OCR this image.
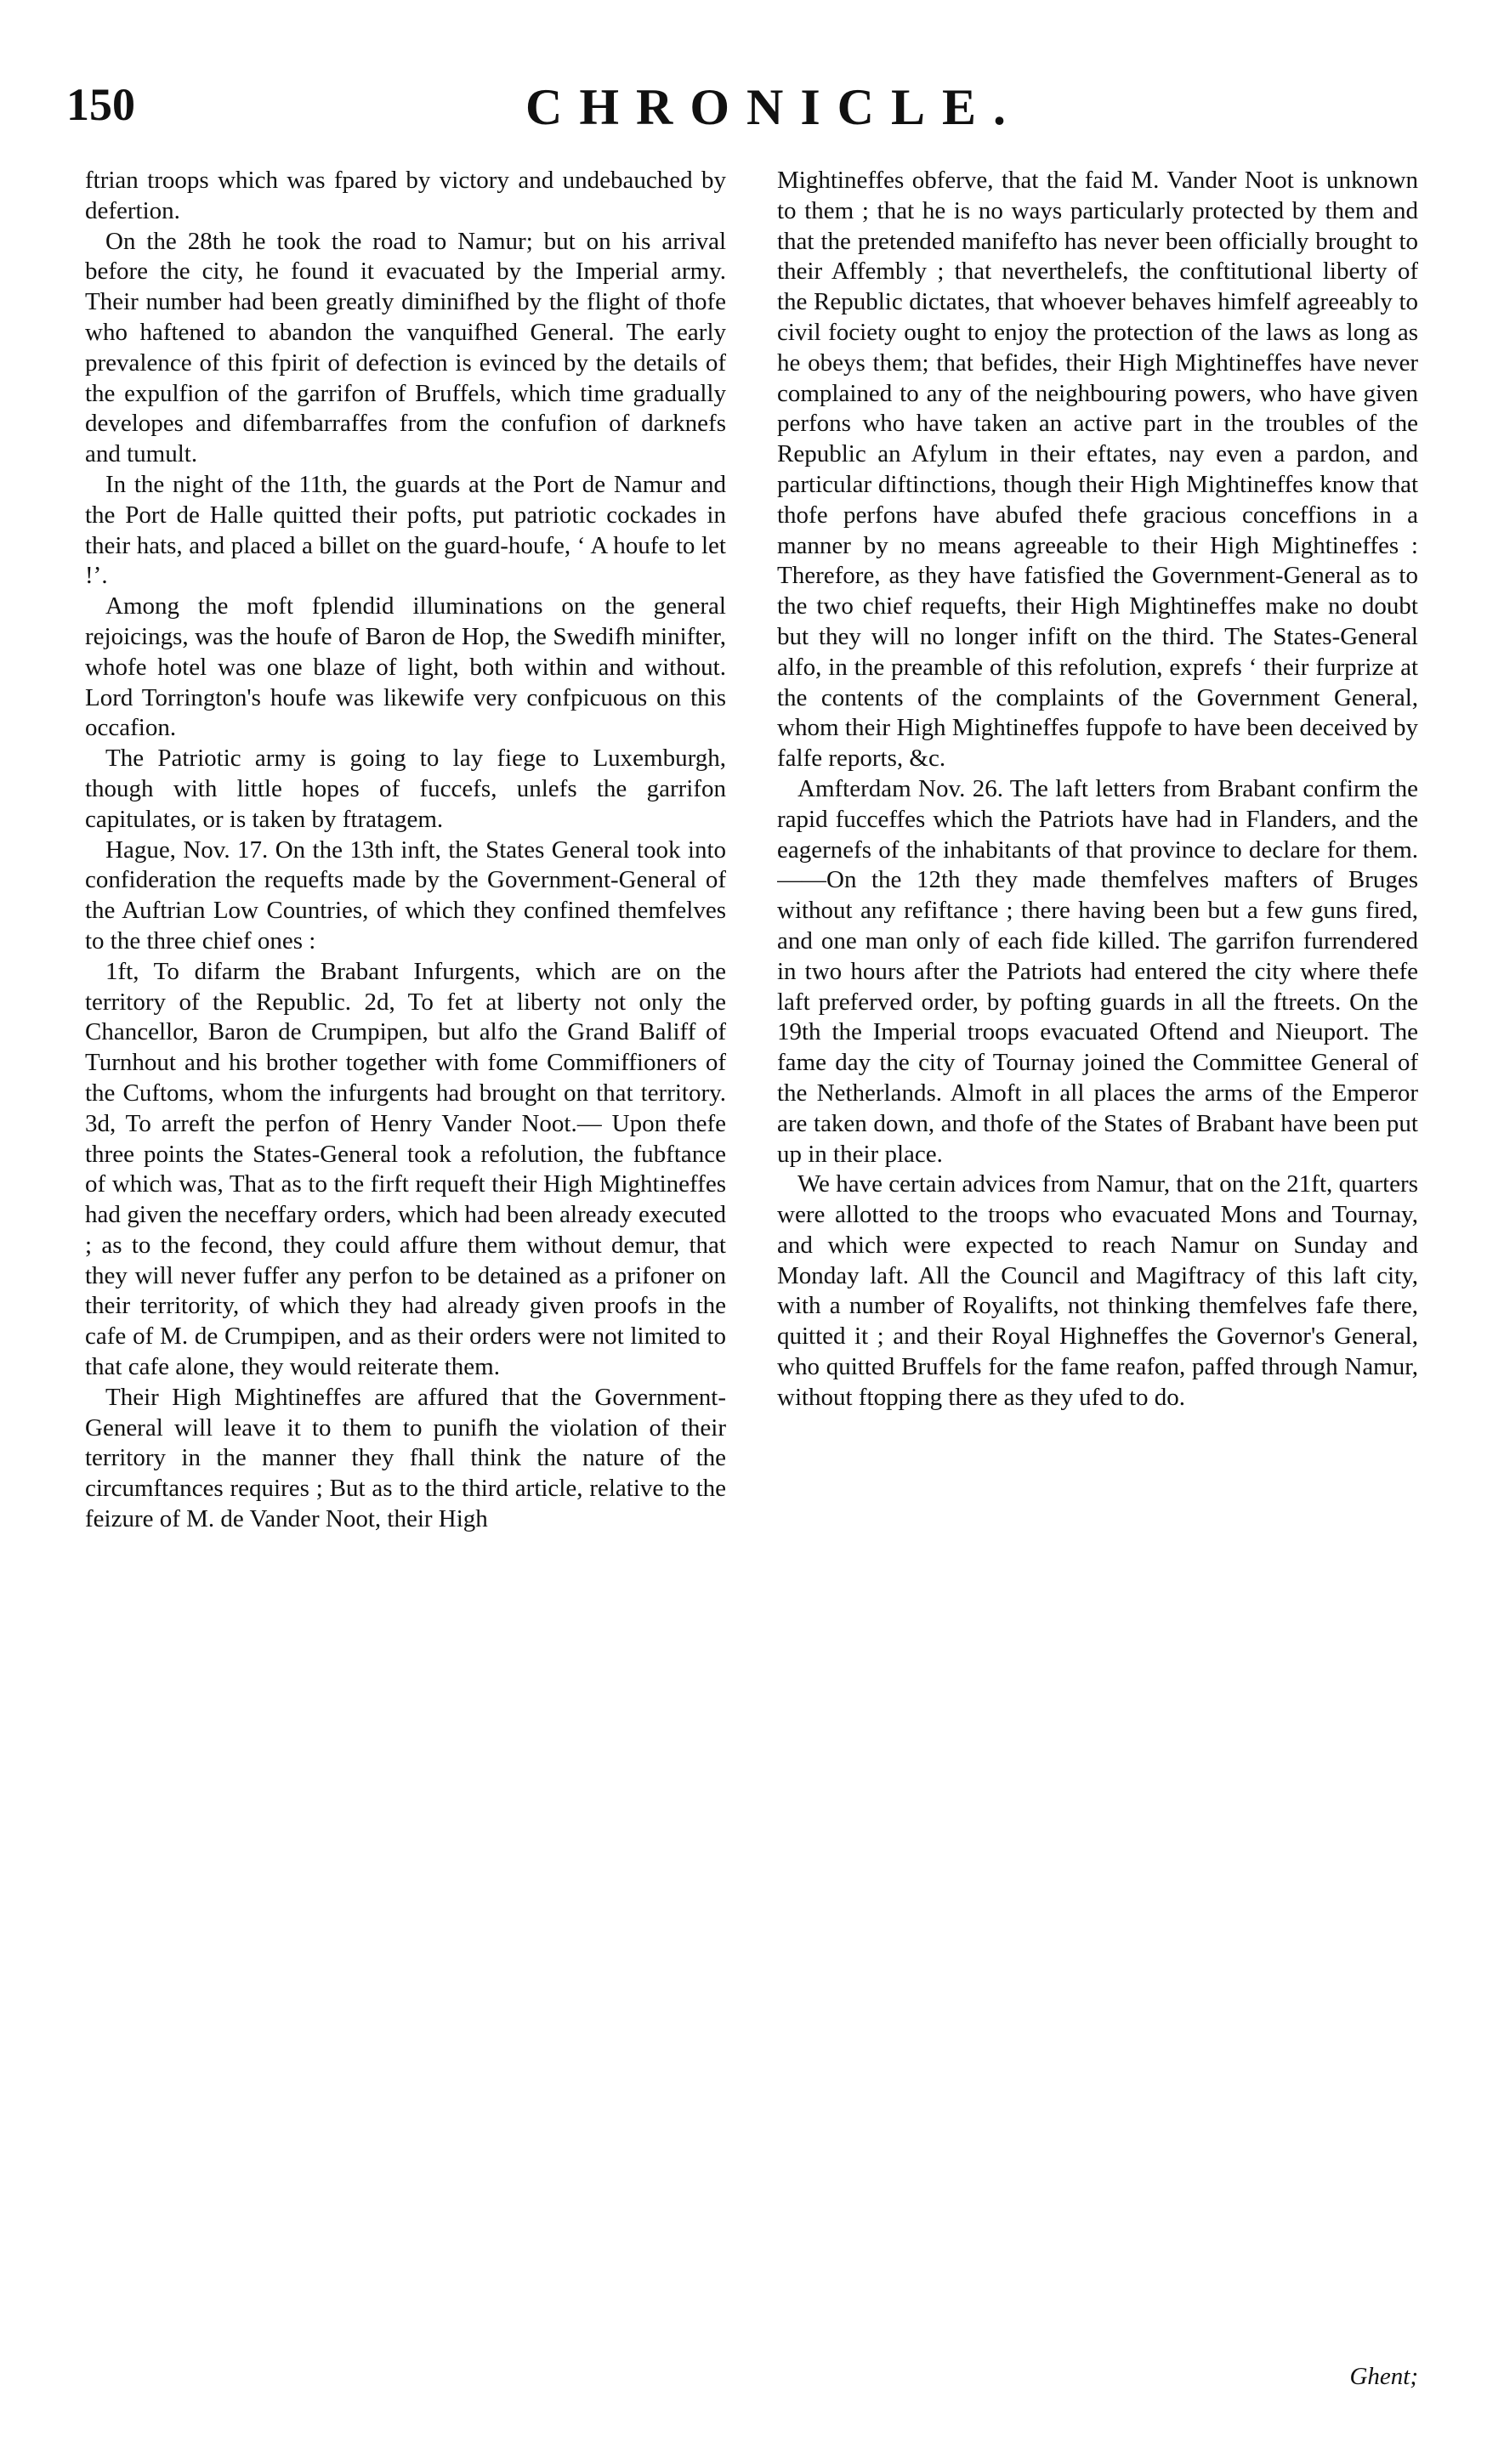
150	CHRONICLE.

ftrian troops which was fpared by victory and undebauched by defertion.

On the 28th he took the road to Namur; but on his arrival before the city, he found it evacuated by the Imperial army. Their number had been greatly diminifhed by the flight of thofe who haftened to abandon the vanquifhed General. The early prevalence of this fpirit of defection is evinced by the details of the expulfion of the garrifon of Bruffels, which time gradually developes and difembarraffes from the confufion of darknefs and tumult.

In the night of the 11th, the guards at the Port de Namur and the Port de Halle quitted their pofts, put patriotic cockades in their hats, and placed a billet on the guard-houfe, ‘ A houfe to let !’.

Among the moft fplendid illuminations on the general rejoicings, was the houfe of Baron de Hop, the Swedifh minifter, whofe hotel was one blaze of light, both within and without. Lord Torrington's houfe was likewife very confpicuous on this occafion.

The Patriotic army is going to lay fiege to Luxemburgh, though with little hopes of fuccefs, unlefs the garrifon capitulates, or is taken by ftratagem.

Hague, Nov. 17. On the 13th inft, the States General took into confideration the requefts made by the Government-General of the Auftrian Low Countries, of which they confined themfelves to the three chief ones :

1ft, To difarm the Brabant Infurgents, which are on the territory of the Republic. 2d, To fet at liberty not only the Chancellor, Baron de Crumpipen, but alfo the Grand Baliff of Turnhout and his brother together with fome Commiffioners of the Cuftoms, whom the infurgents had brought on that territory. 3d, To arreft the perfon of Henry Vander Noot.— Upon thefe three points the States-General took a refolution, the fubftance of which was, That as to the firft requeft their High Mightineffes had given the neceffary orders, which had been already executed ; as to the fecond, they could affure them without demur, that they will never fuffer any perfon to be detained as a prifoner on their territority, of which they had already given proofs in the cafe of M. de Crumpipen, and as their orders were not limited to that cafe alone, they would reiterate them.

Their High Mightineffes are affured that the Government-General will leave it to them to punifh the violation of their territory in the manner they fhall think the nature of the circumftances requires ; But as to the third article, relative to the feizure of M. de Vander Noot, their High

Mightineffes obferve, that the faid M. Vander Noot is unknown to them ; that he is no ways particularly protected by them and that the pretended manifefto has never been officially brought to their Affembly ; that neverthelefs, the conftitutional liberty of the Republic dictates, that whoever behaves himfelf agreeably to civil fociety ought to enjoy the protection of the laws as long as he obeys them; that befides, their High Mightineffes have never complained to any of the neighbouring powers, who have given perfons who have taken an active part in the troubles of the Republic an Afylum in their eftates, nay even a pardon, and particular diftinctions, though their High Mightineffes know that thofe perfons have abufed thefe gracious conceffions in a manner by no means agreeable to their High Mightineffes : Therefore, as they have fatisfied the Government-General as to the two chief requefts, their High Mightineffes make no doubt but they will no longer infift on the third. The States-General alfo, in the preamble of this refolution, exprefs ‘ their furprize at the contents of the complaints of the Government General, whom their High Mightineffes fuppofe to have been deceived by falfe reports, &c.

Amfterdam Nov. 26. The laft letters from Brabant confirm the rapid fucceffes which the Patriots have had in Flanders, and the eagernefs of the inhabitants of that province to declare for them.——On the 12th they made themfelves mafters of Bruges without any refiftance ; there having been but a few guns fired, and one man only of each fide killed. The garrifon furrendered in two hours after the Patriots had entered the city where thefe laft preferved order, by pofting guards in all the ftreets. On the 19th the Imperial troops evacuated Oftend and Nieuport. The fame day the city of Tournay joined the Committee General of the Netherlands. Almoft in all places the arms of the Emperor are taken down, and thofe of the States of Brabant have been put up in their place.

We have certain advices from Namur, that on the 21ft, quarters were allotted to the troops who evacuated Mons and Tournay, and which were expected to reach Namur on Sunday and Monday laft. All the Council and Magiftracy of this laft city, with a number of Royalifts, not thinking themfelves fafe there, quitted it ; and their Royal Highneffes the Governor's General, who quitted Bruffels for the fame reafon, paffed through Namur, without ftopping there as they ufed to do.

Ghent;
